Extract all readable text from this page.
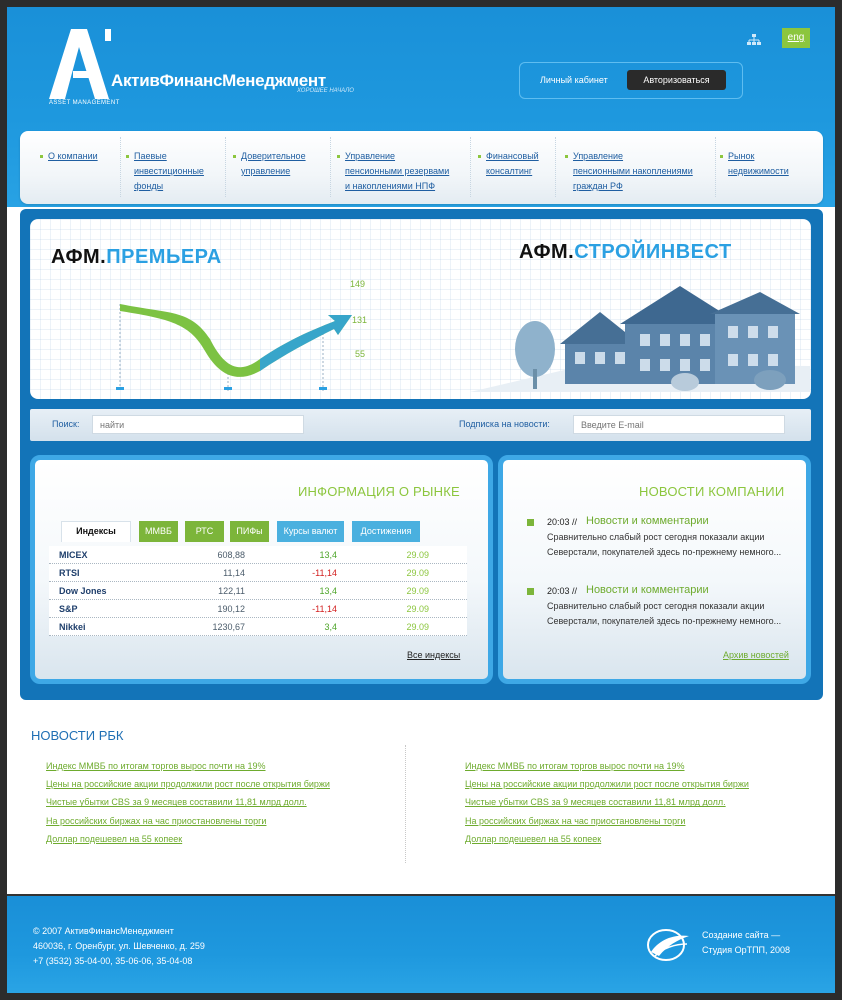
АктивФинансМенеджмент
ХОРОШЕЕ НАЧАЛО
ASSET MANAGEMENT
eng
Личный кабинет	Авторизоваться
О компании	Паевые
инвестиционные
фонды
Доверительное
управление
Управление
пенсионными резервами
и накоплениями НПФ
Финансовый
консалтинг
Управление
пенсионными накоплениями
граждан РФ
Рынок
недвижимости
АФМ.ПРЕМЬЕРА	АФМ.СТРОЙИНВЕСТ
149
131
55
Поиск:
найти	Подписка на новости:
Введите E-mail
ИНФОРМАЦИЯ О РЫНКЕ
Индексы	ММВБ	РТС	ПИФы	Курсы валют	Достижения
MICEX	608,88	13,4	29.09
RTSI	11,14	-11,14	29.09
Dow Jones	122,11	13,4	29.09
S&P	190,12	-11,14	29.09
Nikkei	1230,67	3,4	29.09
Все индексы
НОВОСТИ КОМПАНИИ
20:03 // Новости и комментарии
Сравнительно слабый рост сегодня показали акции Северстали, покупателей здесь по-прежнему немного...
20:03 // Новости и комментарии
Сравнительно слабый рост сегодня показали акции Северстали, покупателей здесь по-прежнему немного...
Архив новостей
НОВОСТИ РБК
Индекс ММВБ по итогам торгов вырос почти на 19%
Цены на российские акции продолжили рост после открытия биржи
Чистые убытки CBS за 9 месяцев составили 11,81 млрд долл.
На российских биржах на час приостановлены торги
Доллар подешевел на 55 копеек
Индекс ММВБ по итогам торгов вырос почти на 19%
Цены на российские акции продолжили рост после открытия биржи
Чистые убытки CBS за 9 месяцев составили 11,81 млрд долл.
На российских биржах на час приостановлены торги
Доллар подешевел на 55 копеек
© 2007 АктивФинансМенеджмент
460036, г. Оренбург, ул. Шевченко, д. 259
+7 (3532) 35-04-00, 35-06-06, 35-04-08
Создание сайта —
Студия ОрТПП, 2008
